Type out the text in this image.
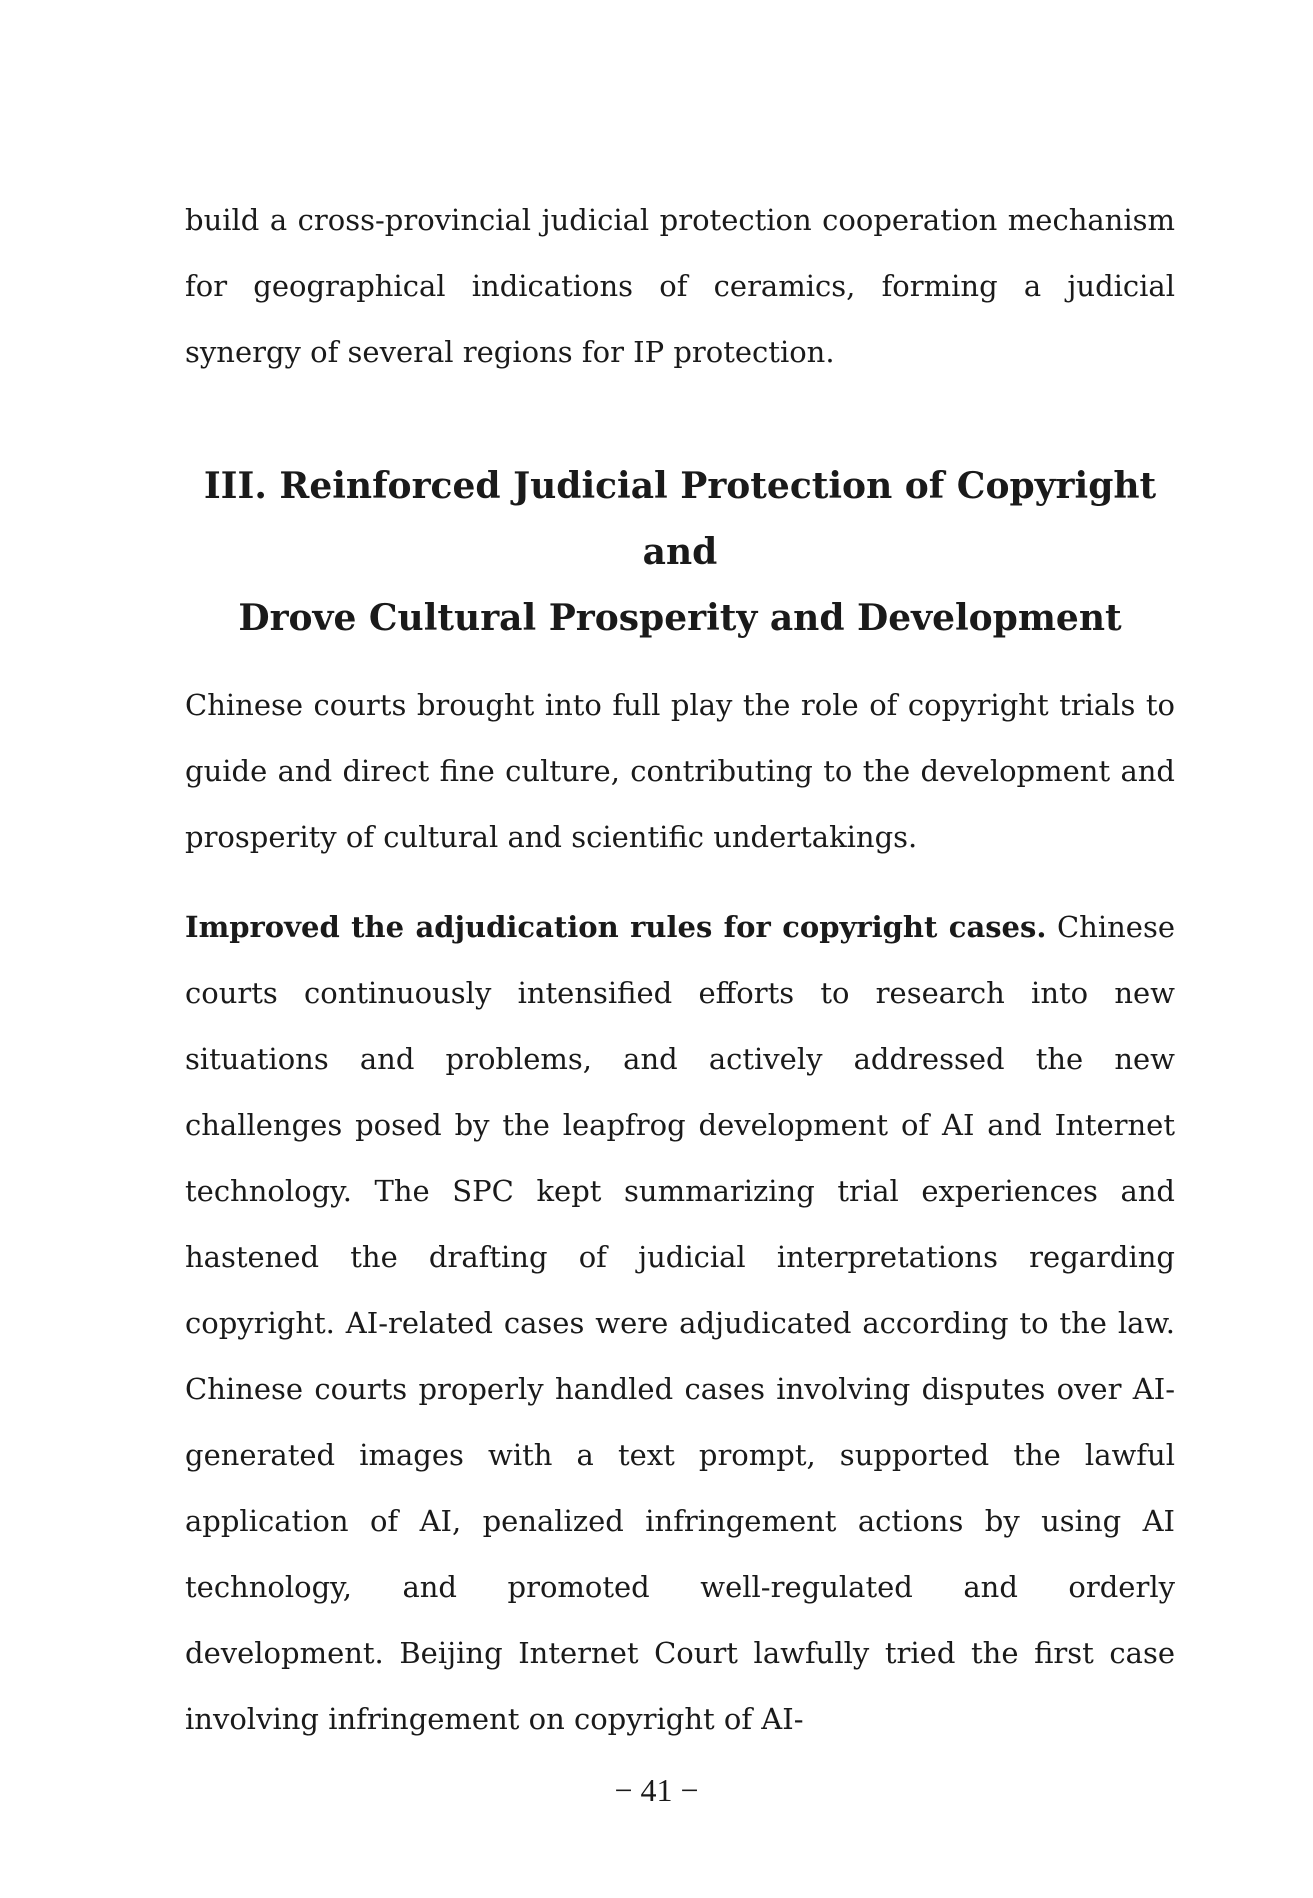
build a cross-provincial judicial protection cooperation mechanism for geographical indications of ceramics, forming a judicial synergy of several regions for IP protection.

III. Reinforced Judicial Protection of Copyright and
Drove Cultural Prosperity and Development

Chinese courts brought into full play the role of copyright trials to guide and direct fine culture, contributing to the development and prosperity of cultural and scientific undertakings.

Improved the adjudication rules for copyright cases. Chinese courts continuously intensified efforts to research into new situations and problems, and actively addressed the new challenges posed by the leapfrog development of AI and Internet technology. The SPC kept summarizing trial experiences and hastened the drafting of judicial interpretations regarding copyright. AI-related cases were adjudicated according to the law. Chinese courts properly handled cases involving disputes over AI-generated images with a text prompt, supported the lawful application of AI, penalized infringement actions by using AI technology, and promoted well-regulated and orderly development. Beijing Internet Court lawfully tried the first case involving infringement on copyright of AI-

− 41 −
